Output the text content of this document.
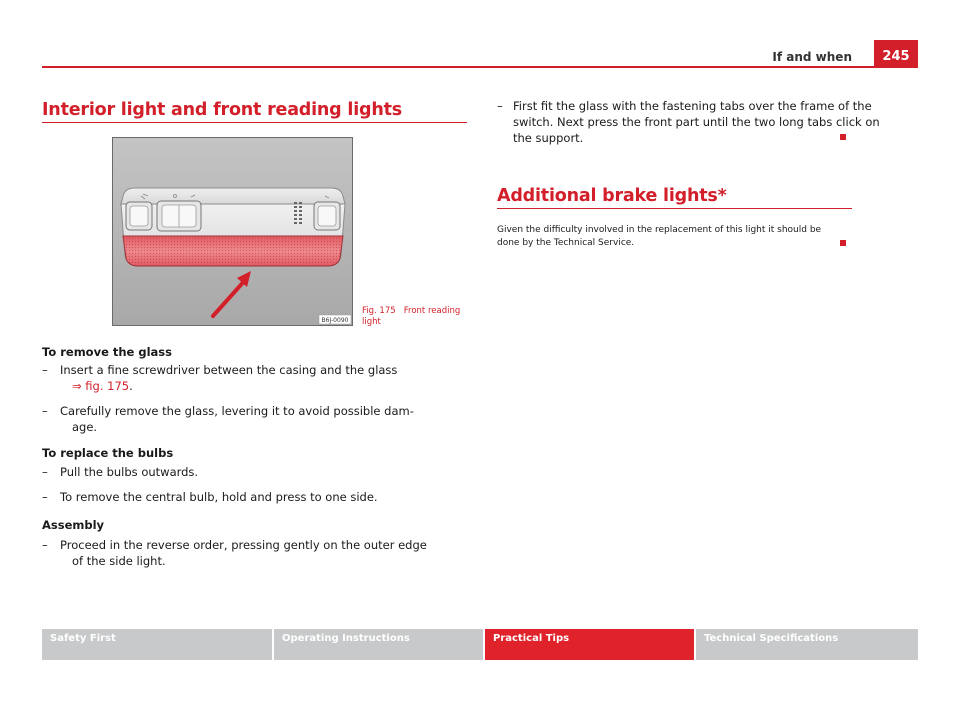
If and when	245
Interior light and front reading lights
B6J-0090
Fig. 175 Front reading
light
To remove the glass
– Insert a fine screwdriver between the casing and the glass
⇒ fig. 175.
– Carefully remove the glass, levering it to avoid possible dam-
age.
To replace the bulbs
– Pull the bulbs outwards.
– To remove the central bulb, hold and press to one side.
Assembly
– Proceed in the reverse order, pressing gently on the outer edge
of the side light.
– First fit the glass with the fastening tabs over the frame of the
switch. Next press the front part until the two long tabs click on
the support.
Additional brake lights*
Given the difficulty involved in the replacement of this light it should be
done by the Technical Service.
Safety First	Operating Instructions	Practical Tips	Technical Specifications
